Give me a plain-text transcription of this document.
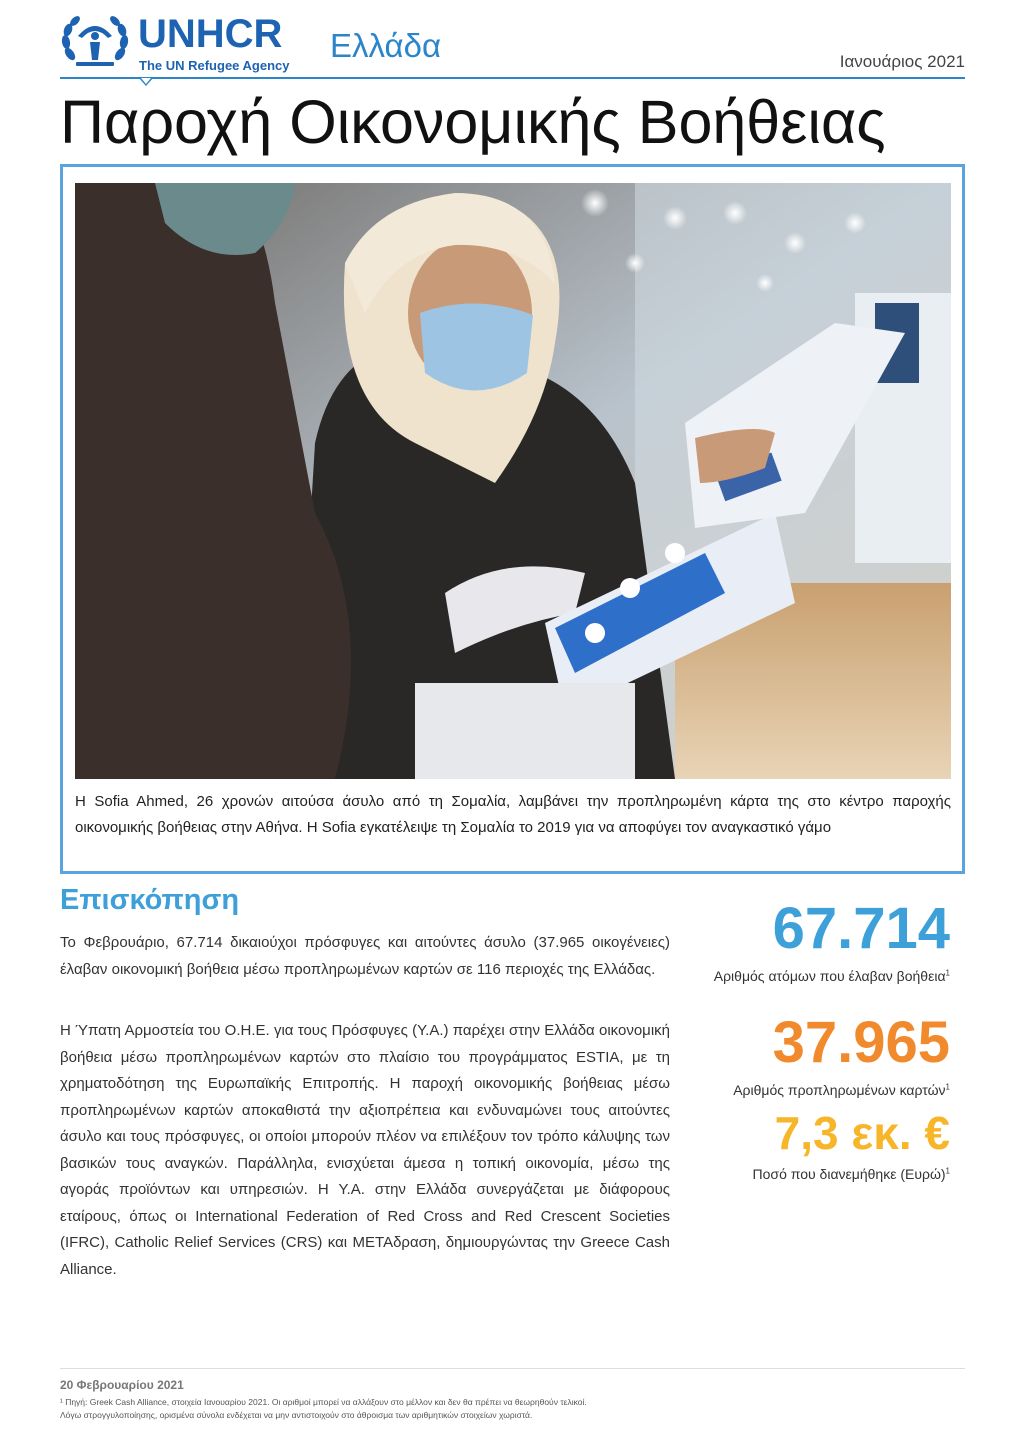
UNHCR
The UN Refugee Agency
Ελλάδα	Ιανουάριος 2021
Παροχή Οικονομικής Βοήθειας

Η Sofia Ahmed, 26 χρονών αιτούσα άσυλο από τη Σομαλία, λαμβάνει την προπληρωμένη κάρτα της στο κέντρο παροχής οικονομικής βοήθειας στην Αθήνα. Η Sofia εγκατέλειψε τη Σομαλία το 2019 για να αποφύγει τον αναγκαστικό γάμο

Επισκόπηση

Το Φεβρουάριο, 67.714 δικαιούχοι πρόσφυγες και αιτούντες άσυλο (37.965 οικογένειες) έλαβαν οικονομική βοήθεια μέσω προπληρωμένων καρτών σε 116 περιοχές της Ελλάδας.

Η Ύπατη Αρμοστεία του Ο.Η.Ε. για τους Πρόσφυγες (Υ.Α.) παρέχει στην Ελλάδα οικονομική βοήθεια μέσω προπληρωμένων καρτών στο πλαίσιο του προγράμματος ESTIA, με τη χρηματοδότηση της Ευρωπαϊκής Επιτροπής. Η παροχή οικονομικής βοήθειας μέσω προπληρωμένων καρτών αποκαθιστά την αξιοπρέπεια και ενδυναμώνει τους αιτούντες άσυλο και τους πρόσφυγες, οι οποίοι μπορούν πλέον να επιλέξουν τον τρόπο κάλυψης των βασικών τους αναγκών. Παράλληλα, ενισχύεται άμεσα η τοπική οικονομία, μέσω της αγοράς προϊόντων και υπηρεσιών. Η Υ.Α. στην Ελλάδα συνεργάζεται με διάφορους εταίρους, όπως οι International Federation of Red Cross and Red Crescent Societies (IFRC), Catholic Relief Services (CRS) και ΜΕΤΑδραση, δημιουργώντας την Greece Cash Alliance.

67.714
Αριθμός ατόμων που έλαβαν βοήθεια$^1$
37.965
Αριθμός προπληρωμένων καρτών$^1$
7,3 εκ. €
Ποσό που διανεμήθηκε $(E\upsilon\rho ώ)^1$
20 Φεβρουαρίου 2021
¹ Πηγή: Greek Cash Alliance, στοιχεία Ιανουαρίου 2021. Οι αριθμοί μπορεί να αλλάξουν στο μέλλον και δεν θα πρέπει να θεωρηθούν τελικοί.
Λόγω στρογγυλοποίησης, ορισμένα σύνολα ενδέχεται να μην αντιστοιχούν στο άθροισμα των αριθμητικών στοιχείων χωριστά.
